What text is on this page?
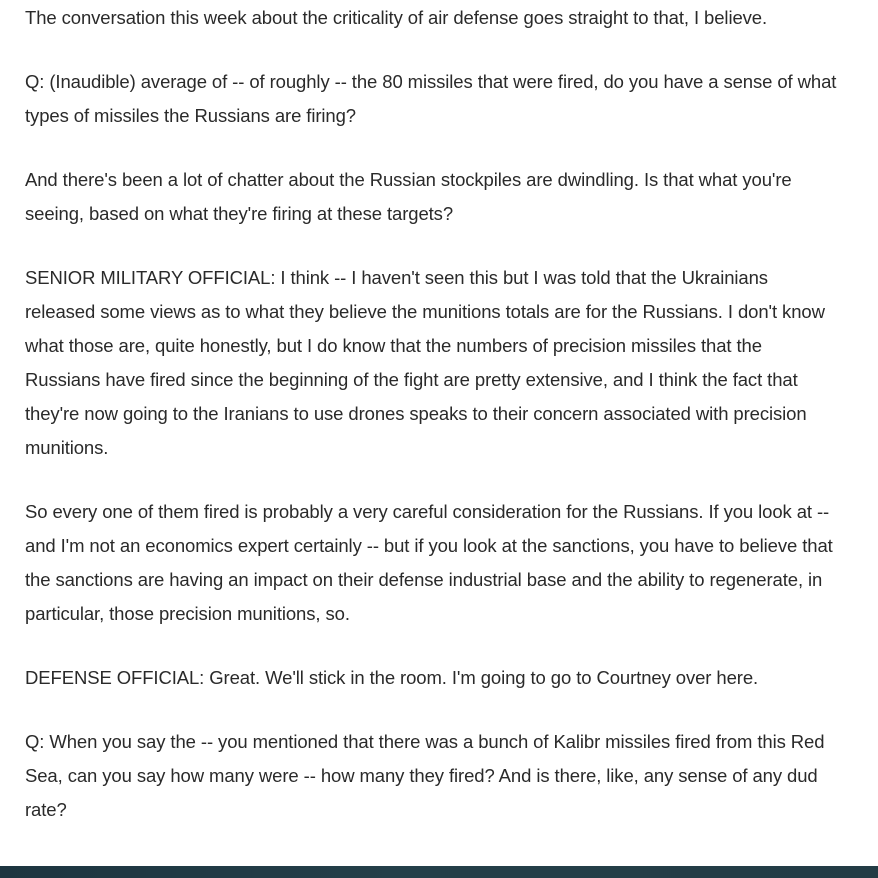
The conversation this week about the criticality of air defense goes straight to that, I believe.

Q: (Inaudible) average of -- of roughly -- the 80 missiles that were fired, do you have a sense of what types of missiles the Russians are firing?

And there's been a lot of chatter about the Russian stockpiles are dwindling. Is that what you're seeing, based on what they're firing at these targets?

SENIOR MILITARY OFFICIAL: I think -- I haven't seen this but I was told that the Ukrainians released some views as to what they believe the munitions totals are for the Russians. I don't know what those are, quite honestly, but I do know that the numbers of precision missiles that the Russians have fired since the beginning of the fight are pretty extensive, and I think the fact that they're now going to the Iranians to use drones speaks to their concern associated with precision munitions.

So every one of them fired is probably a very careful consideration for the Russians. If you look at -- and I'm not an economics expert certainly -- but if you look at the sanctions, you have to believe that the sanctions are having an impact on their defense industrial base and the ability to regenerate, in particular, those precision munitions, so.

DEFENSE OFFICIAL: Great. We'll stick in the room. I'm going to go to Courtney over here.

Q: When you say the -- you mentioned that there was a bunch of Kalibr missiles fired from this Red Sea, can you say how many were -- how many they fired? And is there, like, any sense of any dud rate?
